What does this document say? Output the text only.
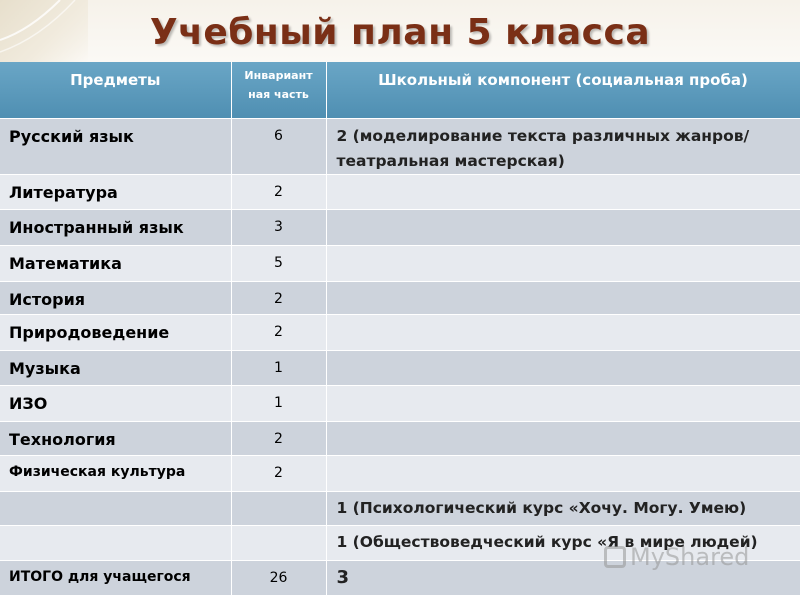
Учебный план 5 класса
Предметы	Инвариант ная часть	Школьный компонент (социальная проба)

Русский язык	6	2 (моделирование текста различных жанров/ театральная мастерская)
Литература	2	
Иностранный язык	3	
Математика	5	
История	2	
Природоведение	2	
Музыка	1	
ИЗО	1	
Технология	2	
Физическая культура	2	
		1 (Психологический курс «Хочу. Могу. Умею)
		1 (Обществоведческий курс «Я в мире людей)
ИТОГО для учащегося	26	3
MyShared
